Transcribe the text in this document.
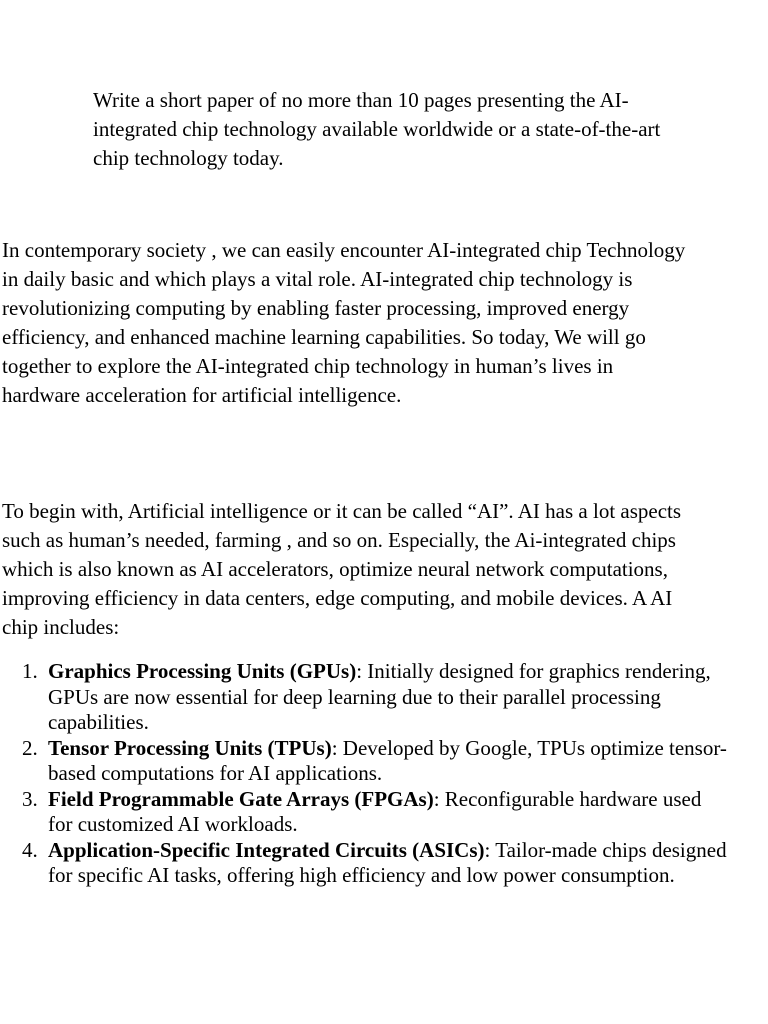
Write a short paper of no more than 10 pages presenting the AI-integrated chip technology available worldwide or a state-of-the-art chip technology today.

In contemporary society , we can easily encounter AI-integrated chip Technology in daily basic and which plays a vital role. AI-integrated chip technology is revolutionizing computing by enabling faster processing, improved energy efficiency, and enhanced machine learning capabilities. So today, We will go together to explore the AI-integrated chip technology in human’s lives in hardware acceleration for artificial intelligence.

To begin with, Artificial intelligence or it can be called “AI”. AI has a lot aspects such as human’s needed, farming , and so on. Especially, the Ai-integrated chips which is also known as AI accelerators, optimize neural network computations, improving efficiency in data centers, edge computing, and mobile devices. A AI chip includes:

Graphics Processing Units (GPUs): Initially designed for graphics rendering, GPUs are now essential for deep learning due to their parallel processing capabilities.
Tensor Processing Units (TPUs): Developed by Google, TPUs optimize tensor-based computations for AI applications.
Field Programmable Gate Arrays (FPGAs): Reconfigurable hardware used for customized AI workloads.
Application-Specific Integrated Circuits (ASICs): Tailor-made chips designed for specific AI tasks, offering high efficiency and low power consumption.
